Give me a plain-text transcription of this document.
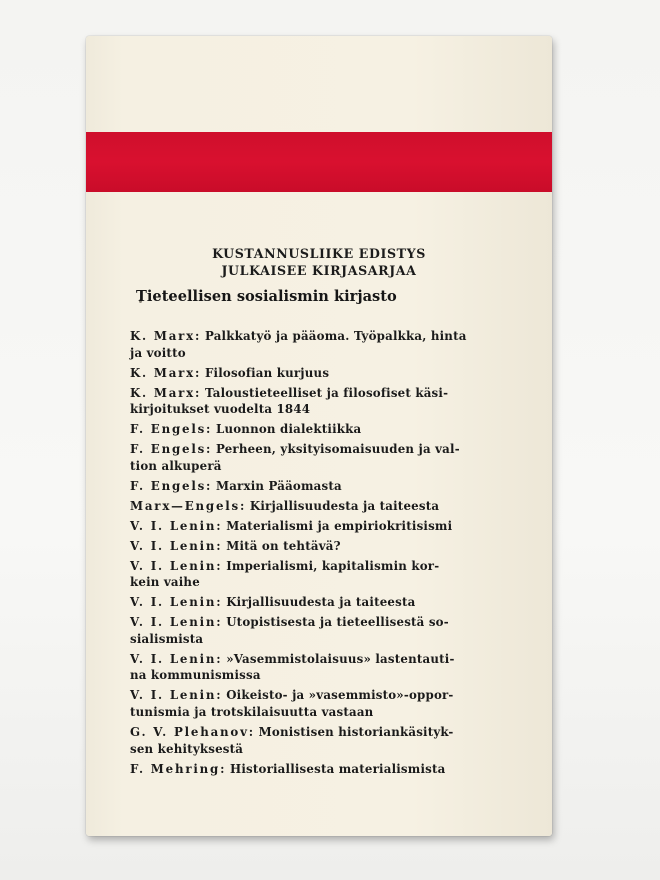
KUSTANNUSLIIKE EDISTYS
JULKAISEE KIRJASARJAA
Tieteellisen sosialismin kirjasto
K. Marx: Palkkatyö ja pääoma. Työpalkka, hinta
ja voitto
K. Marx: Filosofian kurjuus
K. Marx: Taloustieteelliset ja filosofiset käsi-
kirjoitukset vuodelta 1844
F. Engels: Luonnon dialektiikka
F. Engels: Perheen, yksityisomaisuuden ja val-
tion alkuperä
F. Engels: Marxin Pääomasta
Marx—Engels: Kirjallisuudesta ja taiteesta
V. I. Lenin: Materialismi ja empiriokritisismi
V. I. Lenin: Mitä on tehtävä?
V. I. Lenin: Imperialismi, kapitalismin kor-
kein vaihe
V. I. Lenin: Kirjallisuudesta ja taiteesta
V. I. Lenin: Utopistisesta ja tieteellisestä so-
sialismista
V. I. Lenin: »Vasemmistolaisuus» lastentauti-
na kommunismissa
V. I. Lenin: Oikeisto- ja »vasemmisto»-oppor-
tunismia ja trotskilaisuutta vastaan
G. V. Plehanov: Monistisen historiankäsityk-
sen kehityksestä
F. Mehring: Historiallisesta materialismista
